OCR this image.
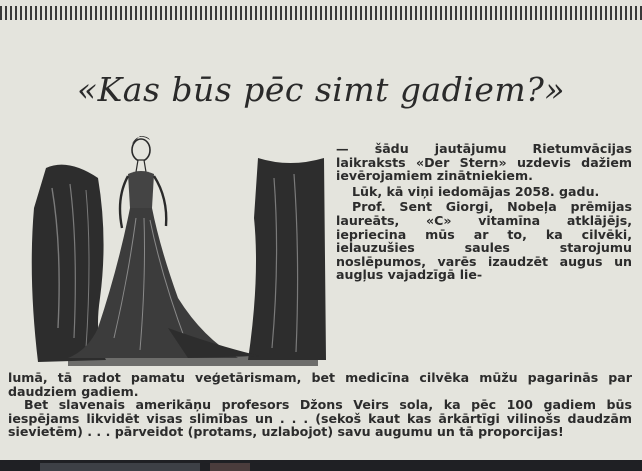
«Kas būs pēc simt gadiem?»

— šādu jautājumu Rietumvācijas laikraksts «Der Stern» uzdevis dažiem ievērojamiem zinātniekiem.

Lūk, kā viņi iedomājas 2058. gadu.

Prof. Sent Giorgi, Nobeļa prēmijas laureāts, «C» vitamīna atklājējs, iepriecina mūs ar to, ka cilvēki, ielauzušies saules starojumu noslēpumos, varēs izaudzēt augus un augļus vajadzīgā lie-

lumā, tā radot pamatu veģetārismam, bet medicīna cilvēka mūžu pagarinās par daudziem gadiem.

Bet slavenais amerikāņu profesors Džons Veirs sola, ka pēc 100 gadiem būs iespējams likvidēt visas slimības un . . . (sekoš kaut kas ārkārtīgi vilinošs daudzām sievietēm) . . . pārveidot (protams, uzlabojot) savu augumu un tā proporcijas!
